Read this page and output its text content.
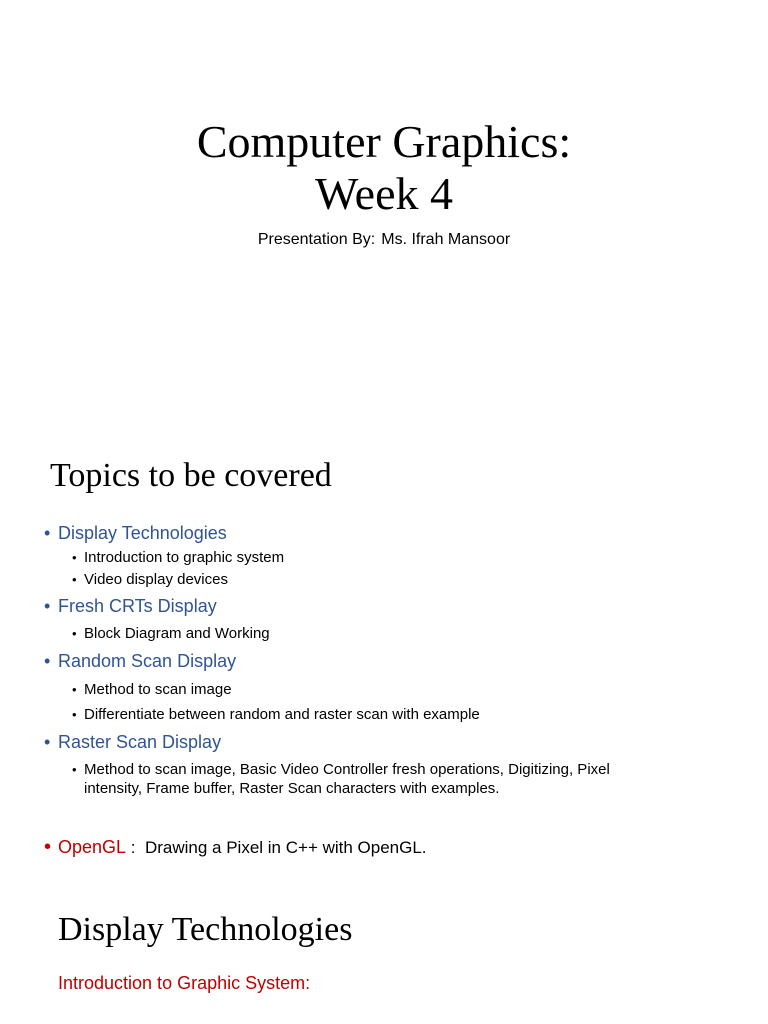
Computer Graphics:
Week 4
Presentation By: Ms. Ifrah Mansoor
Topics to be covered
• Display Technologies
• Introduction to graphic system
• Video display devices
• Fresh CRTs Display
• Block Diagram and Working
• Random Scan Display
• Method to scan image
• Differentiate between random and raster scan with example
• Raster Scan Display
• Method to scan image, Basic Video Controller fresh operations, Digitizing, Pixel intensity, Frame buffer, Raster Scan characters with examples.
• OpenGL :  Drawing a Pixel in C++ with OpenGL.
Display Technologies
Introduction to Graphic System:
